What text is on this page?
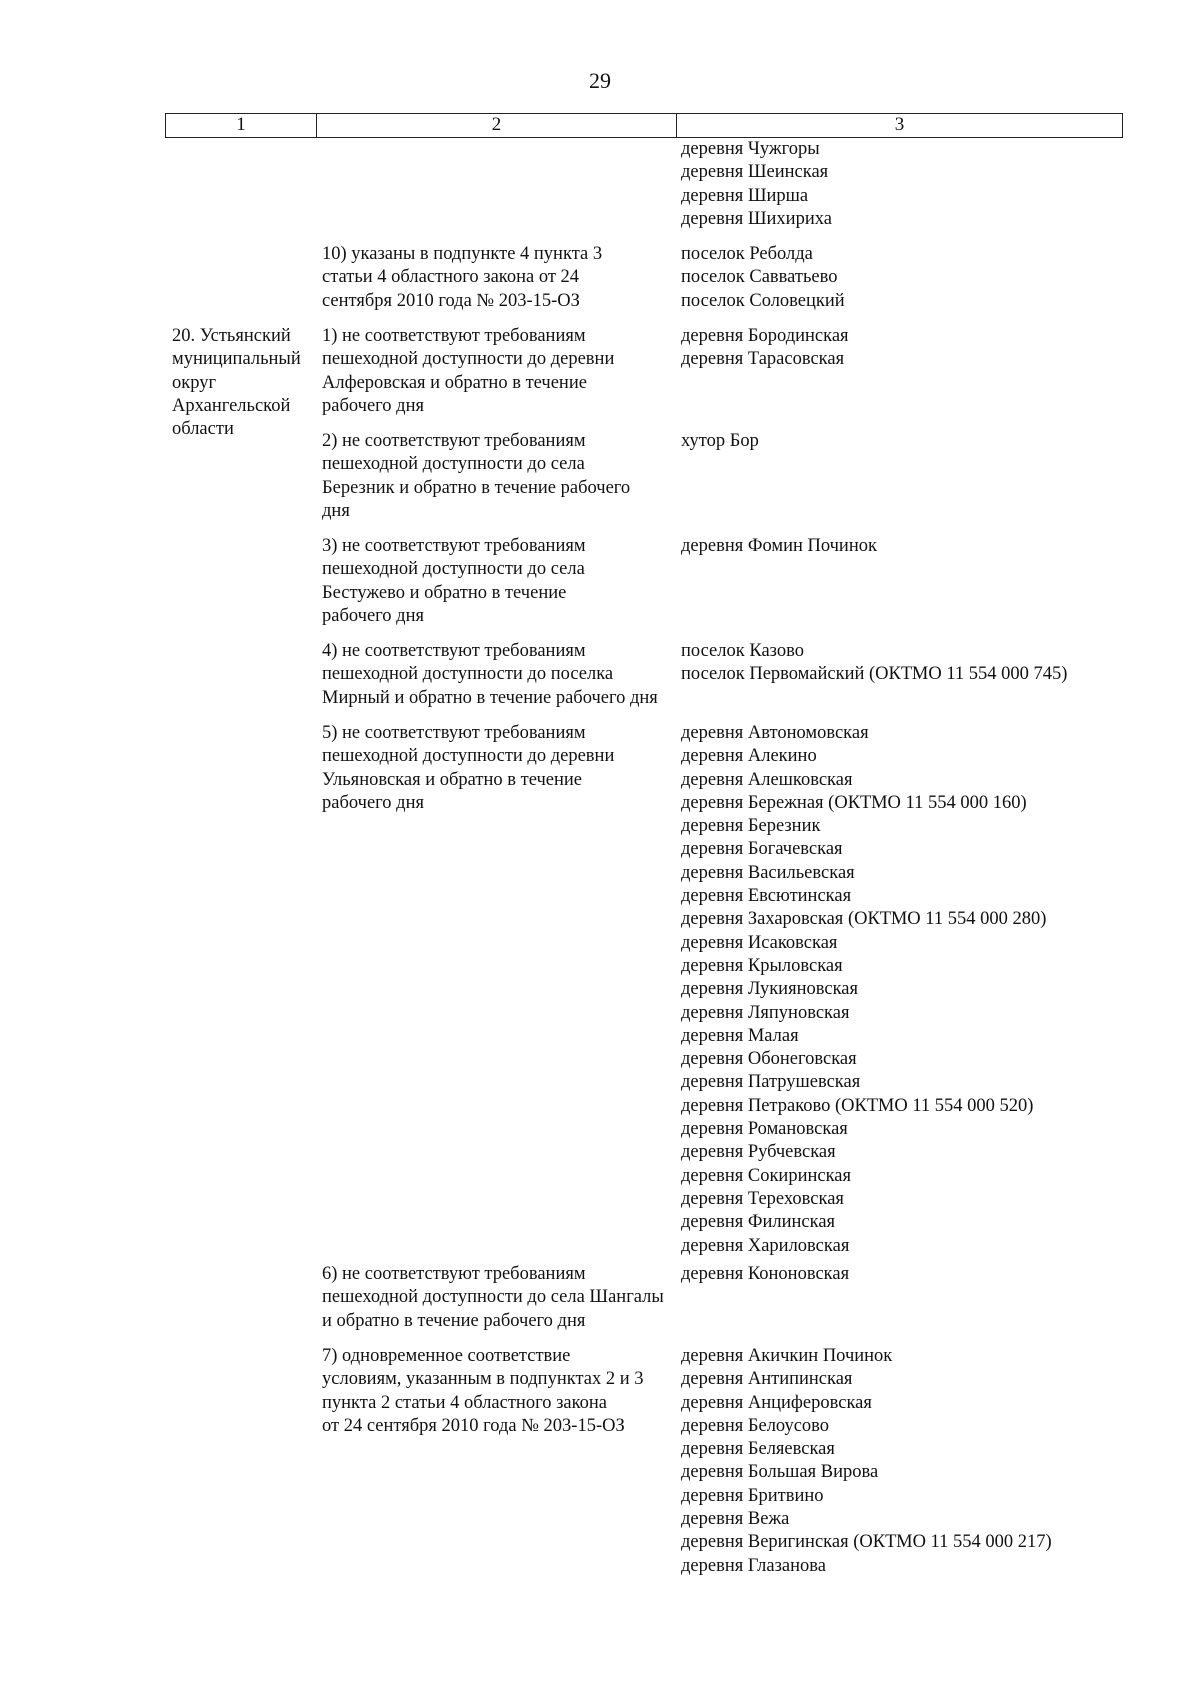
29
1	2	3
деревня Чужгоры
деревня Шеинская
деревня Ширша
деревня Шихириха
10) указаны в подпункте 4 пункта 3
статьи 4 областного закона от 24
сентября 2010 года № 203-15-ОЗ
поселок Реболда
поселок Савватьево
поселок Соловецкий
20. Устьянский
муниципальный
округ
Архангельской
области
1) не соответствуют требованиям
пешеходной доступности до деревни
Алферовская и обратно в течение
рабочего дня
деревня Бородинская
деревня Тарасовская
2) не соответствуют требованиям
пешеходной доступности до села
Березник и обратно в течение рабочего
дня
хутор Бор
3) не соответствуют требованиям
пешеходной доступности до села
Бестужево и обратно в течение
рабочего дня
деревня Фомин Починок
4) не соответствуют требованиям
пешеходной доступности до поселка
Мирный и обратно в течение рабочего дня
поселок Казово
поселок Первомайский (ОКТМО 11 554 000 745)
5) не соответствуют требованиям
пешеходной доступности до деревни
Ульяновская и обратно в течение
рабочего дня
деревня Автономовская
деревня Алекино
деревня Алешковская
деревня Бережная (ОКТМО 11 554 000 160)
деревня Березник
деревня Богачевская
деревня Васильевская
деревня Евсютинская
деревня Захаровская (ОКТМО 11 554 000 280)
деревня Исаковская
деревня Крыловская
деревня Лукияновская
деревня Ляпуновская
деревня Малая
деревня Обонеговская
деревня Патрушевская
деревня Петраково (ОКТМО 11 554 000 520)
деревня Романовская
деревня Рубчевская
деревня Сокиринская
деревня Тереховская
деревня Филинская
деревня Хариловская
6) не соответствуют требованиям
пешеходной доступности до села Шангалы
и обратно в течение рабочего дня
деревня Кононовская
7) одновременное соответствие
условиям, указанным в подпунктах 2 и 3
пункта 2 статьи 4 областного закона
от 24 сентября 2010 года № 203-15-ОЗ
деревня Акичкин Починок
деревня Антипинская
деревня Анциферовская
деревня Белоусово
деревня Беляевская
деревня Большая Вирова
деревня Бритвино
деревня Вежа
деревня Веригинская (ОКТМО 11 554 000 217)
деревня Глазанова
